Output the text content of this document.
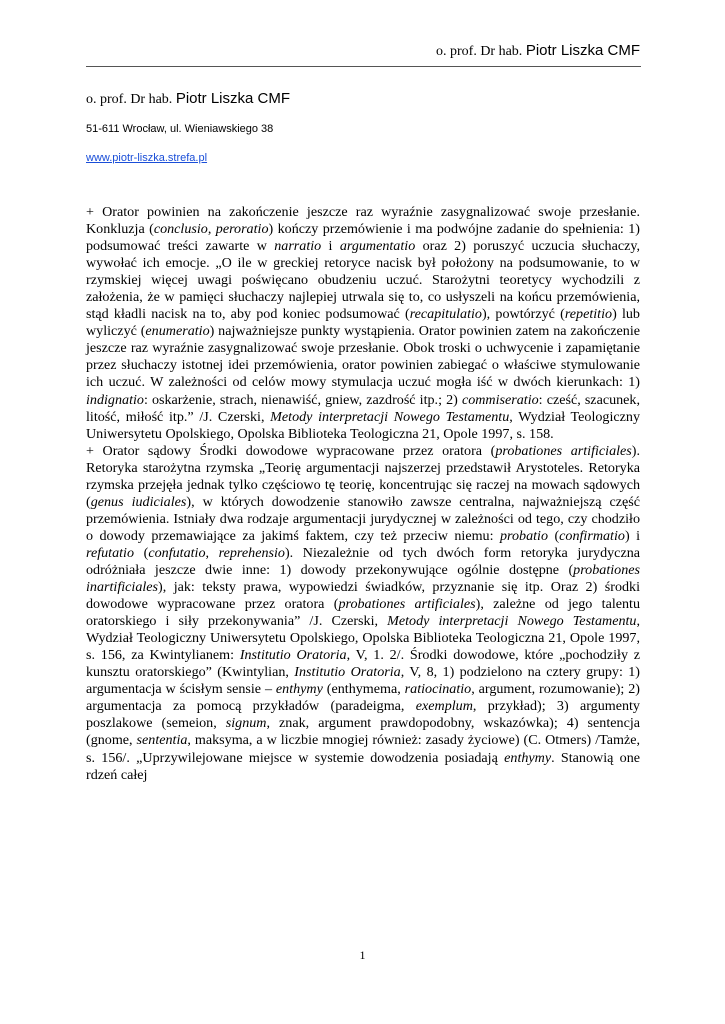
o. prof. Dr hab. Piotr Liszka CMF
o. prof. Dr hab. Piotr Liszka CMF
51-611 Wrocław, ul. Wieniawskiego 38
www.piotr-liszka.strefa.pl

+ Orator powinien na zakończenie jeszcze raz wyraźnie zasygnalizować swoje przesłanie. Konkluzja (conclusio, peroratio) kończy przemówienie i ma podwójne zadanie do spełnienia: 1) podsumować treści zawarte w narratio i argumentatio oraz 2) poruszyć uczucia słuchaczy, wywołać ich emocje. „O ile w greckiej retoryce nacisk był położony na podsumowanie, to w rzymskiej więcej uwagi poświęcano obudzeniu uczuć. Starożytni teoretycy wychodzili z założenia, że w pamięci słuchaczy najlepiej utrwala się to, co usłyszeli na końcu przemówienia, stąd kładli nacisk na to, aby pod koniec podsumować (recapitulatio), powtórzyć (repetitio) lub wyliczyć (enumeratio) najważniejsze punkty wystąpienia. Orator powinien zatem na zakończenie jeszcze raz wyraźnie zasygnalizować swoje przesłanie. Obok troski o uchwycenie i zapamiętanie przez słuchaczy istotnej idei przemówienia, orator powinien zabiegać o właściwe stymulowanie ich uczuć. W zależności od celów mowy stymulacja uczuć mogła iść w dwóch kierunkach: 1) indignatio: oskarżenie, strach, nienawiść, gniew, zazdrość itp.; 2) commiseratio: cześć, szacunek, litość, miłość itp.” /J. Czerski, Metody interpretacji Nowego Testamentu, Wydział Teologiczny Uniwersytetu Opolskiego, Opolska Biblioteka Teologiczna 21, Opole 1997, s. 158.

+ Orator sądowy Środki dowodowe wypracowane przez oratora (probationes artificiales). Retoryka starożytna rzymska „Teorię argumentacji najszerzej przedstawił Arystoteles. Retoryka rzymska przejęła jednak tylko częściowo tę teorię, koncentrując się raczej na mowach sądowych (genus iudiciales), w których dowodzenie stanowiło zawsze centralna, najważniejszą część przemówienia. Istniały dwa rodzaje argumentacji jurydycznej w zależności od tego, czy chodziło o dowody przemawiające za jakimś faktem, czy też przeciw niemu: probatio (confirmatio) i refutatio (confutatio, reprehensio). Niezależnie od tych dwóch form retoryka jurydyczna odróżniała jeszcze dwie inne: 1) dowody przekonywujące ogólnie dostępne (probationes inartificiales), jak: teksty prawa, wypowiedzi świadków, przyznanie się itp. Oraz 2) środki dowodowe wypracowane przez oratora (probationes artificiales), zależne od jego talentu oratorskiego i siły przekonywania” /J. Czerski, Metody interpretacji Nowego Testamentu, Wydział Teologiczny Uniwersytetu Opolskiego, Opolska Biblioteka Teologiczna 21, Opole 1997, s. 156, za Kwintylianem: Institutio Oratoria, V, 1. 2/. Środki dowodowe, które „pochodziły z kunsztu oratorskiego” (Kwintylian, Institutio Oratoria, V, 8, 1) podzielono na cztery grupy: 1) argumentacja w ścisłym sensie – enthymy (enthymema, ratiocinatio, argument, rozumowanie); 2) argumentacja za pomocą przykładów (paradeigma, exemplum, przykład); 3) argumenty poszlakowe (semeion, signum, znak, argument prawdopodobny, wskazówka); 4) sentencja (gnome, sententia, maksyma, a w liczbie mnogiej również: zasady życiowe) (C. Otmers) /Tamże, s. 156/. „Uprzywilejowane miejsce w systemie dowodzenia posiadają enthymy. Stanowią one rdzeń całej

1
